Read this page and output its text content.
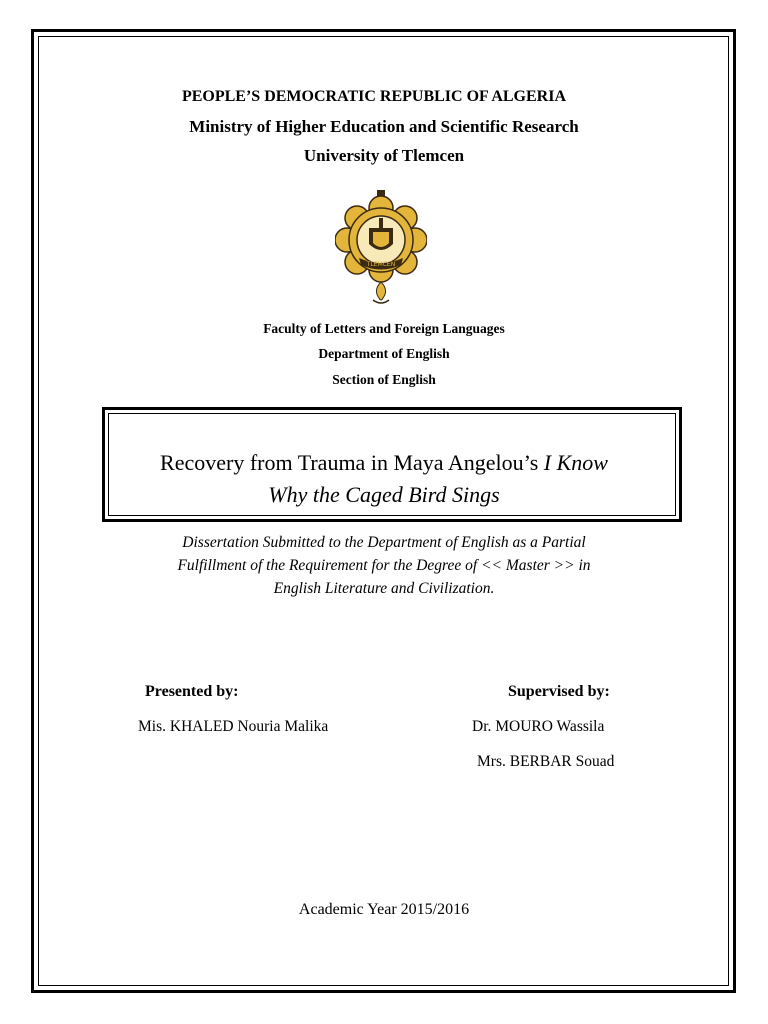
PEOPLE’S DEMOCRATIC REPUBLIC OF ALGERIA
Ministry of Higher Education and Scientific Research
University of Tlemcen
TLEMCEN
Faculty of Letters and Foreign Languages
Department of English
Section of English
Recovery from Trauma in Maya Angelou’s I Know
Why the Caged Bird Sings
Dissertation Submitted to the Department of English as a Partial
Fulfillment of the Requirement for the Degree of << Master >> in
English Literature and Civilization.
Presented by:
Mis. KHALED Nouria Malika
Supervised by:
Dr. MOURO Wassila
Mrs. BERBAR Souad
Academic Year 2015/2016
